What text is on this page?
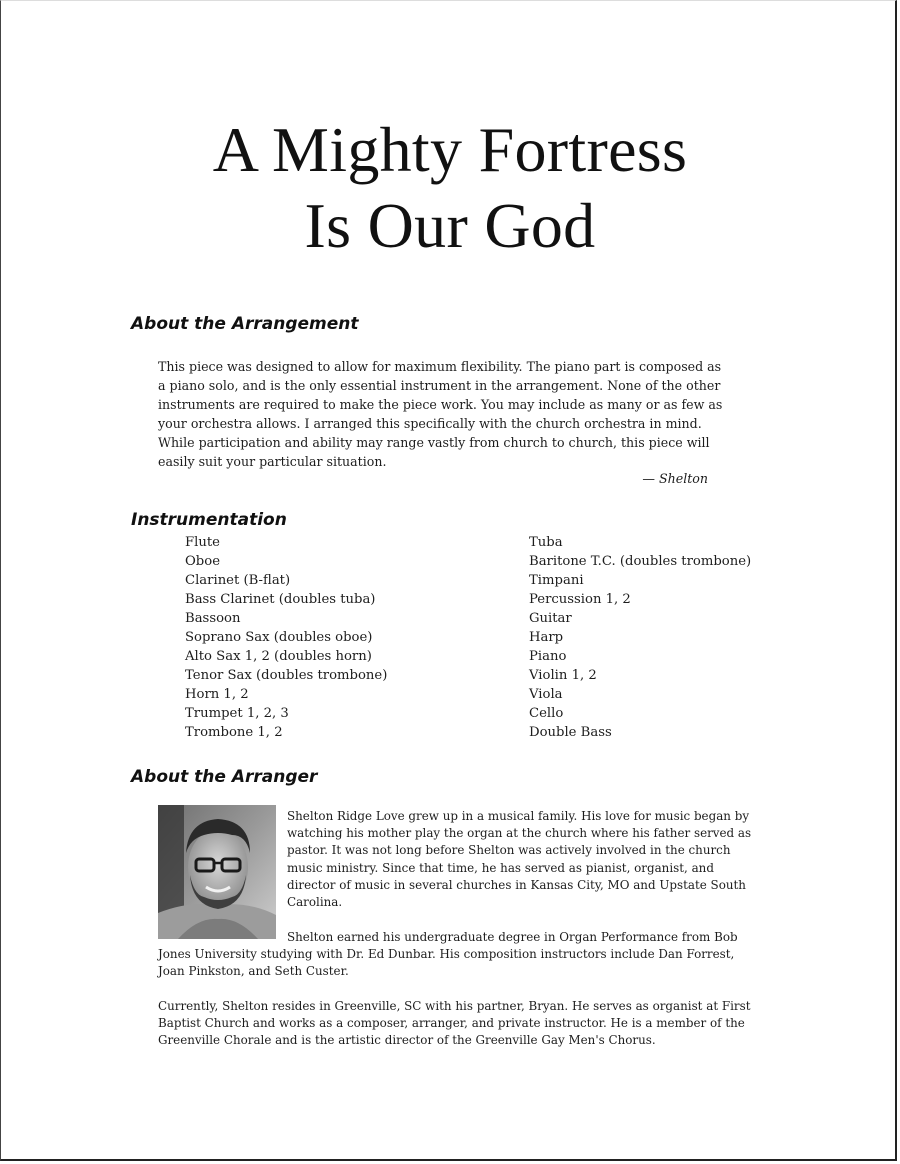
A Mighty Fortress
Is Our God
About the Arrangement
This piece was designed to allow for maximum flexibility. The piano part is composed as
a piano solo, and is the only essential instrument in the arrangement. None of the other
instruments are required to make the piece work. You may include as many or as few as
your orchestra allows. I arranged this specifically with the church orchestra in mind.
While participation and ability may range vastly from church to church, this piece will
easily suit your particular situation.
— Shelton
Instrumentation
Flute
Oboe
Clarinet (B-flat)
Bass Clarinet (doubles tuba)
Bassoon
Soprano Sax (doubles oboe)
Alto Sax 1, 2 (doubles horn)
Tenor Sax (doubles trombone)
Horn 1, 2
Trumpet 1, 2, 3
Trombone 1, 2
Tuba
Baritone T.C. (doubles trombone)
Timpani
Percussion 1, 2
Guitar
Harp
Piano
Violin 1, 2
Viola
Cello
Double Bass
About the Arranger
Shelton Ridge Love grew up in a musical family. His love for music began by
watching his mother play the organ at the church where his father served as
pastor. It was not long before Shelton was actively involved in the church
music ministry. Since that time, he has served as pianist, organist, and
director of music in several churches in Kansas City, MO and Upstate South
Carolina.
Shelton earned his undergraduate degree in Organ Performance from Bob
Jones University studying with Dr. Ed Dunbar. His composition instructors include Dan Forrest,
Joan Pinkston, and Seth Custer.
Currently, Shelton resides in Greenville, SC with his partner, Bryan. He serves as organist at First
Baptist Church and works as a composer, arranger, and private instructor. He is a member of the
Greenville Chorale and is the artistic director of the Greenville Gay Men's Chorus.
